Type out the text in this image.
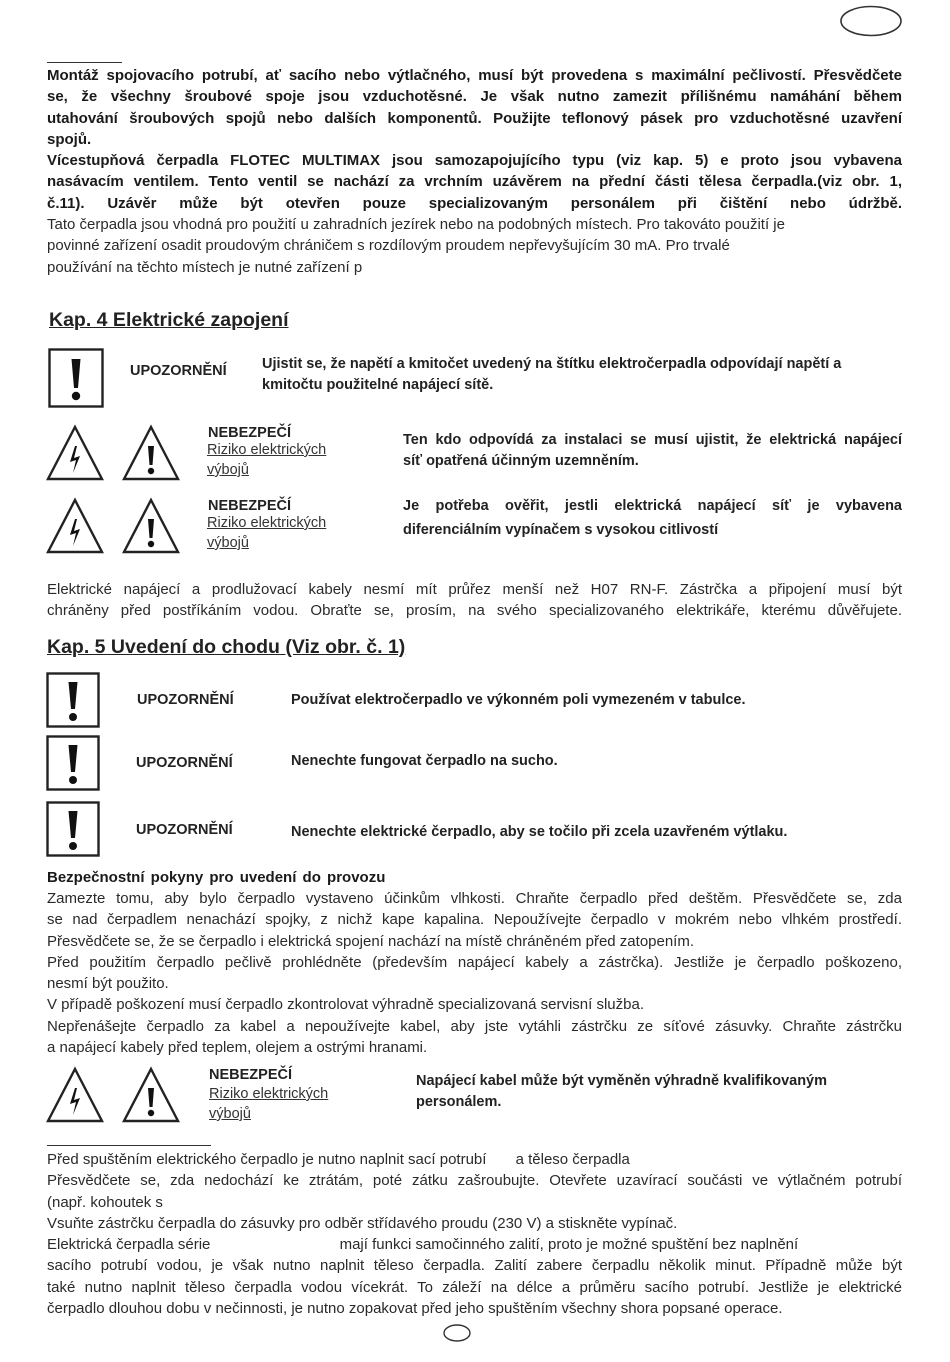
Montáž spojovacího potrubí, ať sacího nebo výtlačného, musí být provedena s maximální pečlivostí. Přesvědčete
se, že všechny šroubové spoje jsou vzduchotěsné. Je však nutno zamezit přílišnému namáhání během
utahování šroubových spojů nebo dalších komponentů. Použijte teflonový pásek pro vzduchotěsné uzavření
spojů.
Vícestupňová čerpadla FLOTEC MULTIMAX jsou samozapojujícího typu (viz kap. 5) e proto jsou vybavena
nasávacím ventilem. Tento ventil se nachází za vrchním uzávěrem na přední části tělesa čerpadla.(viz obr. 1,
č.11). Uzávěr může být otevřen pouze specializovaným personálem při čištění nebo údržbě.
Tato čerpadla jsou vhodná pro použití u zahradních jezírek nebo na podobných místech. Pro takováto použití je
povinné zařízení osadit proudovým chráničem s rozdílovým proudem nepřevyšujícím 30 mA. Pro trvalé
používání na těchto místech je nutné zařízení p
Kap. 4 Elektrické zapojení
UPOZORNĚNÍ Ujistit se, že napětí a kmitočet uvedený na štítku elektročerpadla odpovídají napětí a
kmitočtu použitelné napájecí sítě.
NEBEZPEČÍ
Riziko elektrických
výbojů
Ten kdo odpovídá za instalaci se musí ujistit, že elektrická napájecí
síť opatřená účinným uzemněním.
NEBEZPEČÍ
Riziko elektrických
výbojů
Je potřeba ověřit, jestli elektrická napájecí síť je vybavena
diferenciálním vypínačem s vysokou citlivostí
Elektrické napájecí a prodlužovací kabely nesmí mít průřez menší než H07 RN-F. Zástrčka a připojení musí být
chráněny před postříkáním vodou. Obraťte se, prosím, na svého specializovaného elektrikáře, kterému důvěřujete.
Kap. 5 Uvedení do chodu (Viz obr. č. 1)
UPOZORNĚNÍ	Používat elektročerpadlo ve výkonném poli vymezeném v tabulce.
UPOZORNĚNÍ	Nenechte fungovat čerpadlo na sucho.
UPOZORNĚNÍ	Nenechte elektrické čerpadlo, aby se točilo při zcela uzavřeném výtlaku.
Bezpečnostní pokyny pro uvedení do provozu
Zamezte tomu, aby bylo čerpadlo vystaveno účinkům vlhkosti. Chraňte čerpadlo před deštěm. Přesvědčete se, zda
se nad čerpadlem nenachází spojky, z nichž kape kapalina. Nepoužívejte čerpadlo v mokrém nebo vlhkém prostředí.
Přesvědčete se, že se čerpadlo i elektrická spojení nachází na místě chráněném před zatopením.
Před použitím čerpadlo pečlivě prohlédněte (především napájecí kabely a zástrčka). Jestliže je čerpadlo poškozeno,
nesmí být použito.
V případě poškození musí čerpadlo zkontrolovat výhradně specializovaná servisní služba.
Nepřenášejte čerpadlo za kabel a nepoužívejte kabel, aby jste vytáhli zástrčku ze síťové zásuvky. Chraňte zástrčku
a napájecí kabely před teplem, olejem a ostrými hranami.
NEBEZPEČÍ
Riziko elektrických
výbojů
Napájecí kabel může být vyměněn výhradně kvalifikovaným
personálem.
Před spuštěním elektrického čerpadlo je nutno naplnit sací potrubí       a těleso čerpadla
Přesvědčete se, zda nedochází ke ztrátám, poté zátku zašroubujte. Otevřete uzavírací součásti ve výtlačném potrubí
(např. kohoutek s
Vsuňte zástrčku čerpadla do zásuvky pro odběr střídavého proudu (230 V) a stiskněte vypínač.
Elektrická čerpadla série                               mají funkci samočinného zalití, proto je možné spuštění bez naplnění
sacího potrubí vodou, je však nutno naplnit těleso čerpadla. Zalití zabere čerpadlu několik minut. Případně může být
také nutno naplnit těleso čerpadla vodou vícekrát. To záleží na délce a průměru sacího potrubí. Jestliže je elektrické
čerpadlo dlouhou dobu v nečinnosti, je nutno zopakovat před jeho spuštěním všechny shora popsané operace.
